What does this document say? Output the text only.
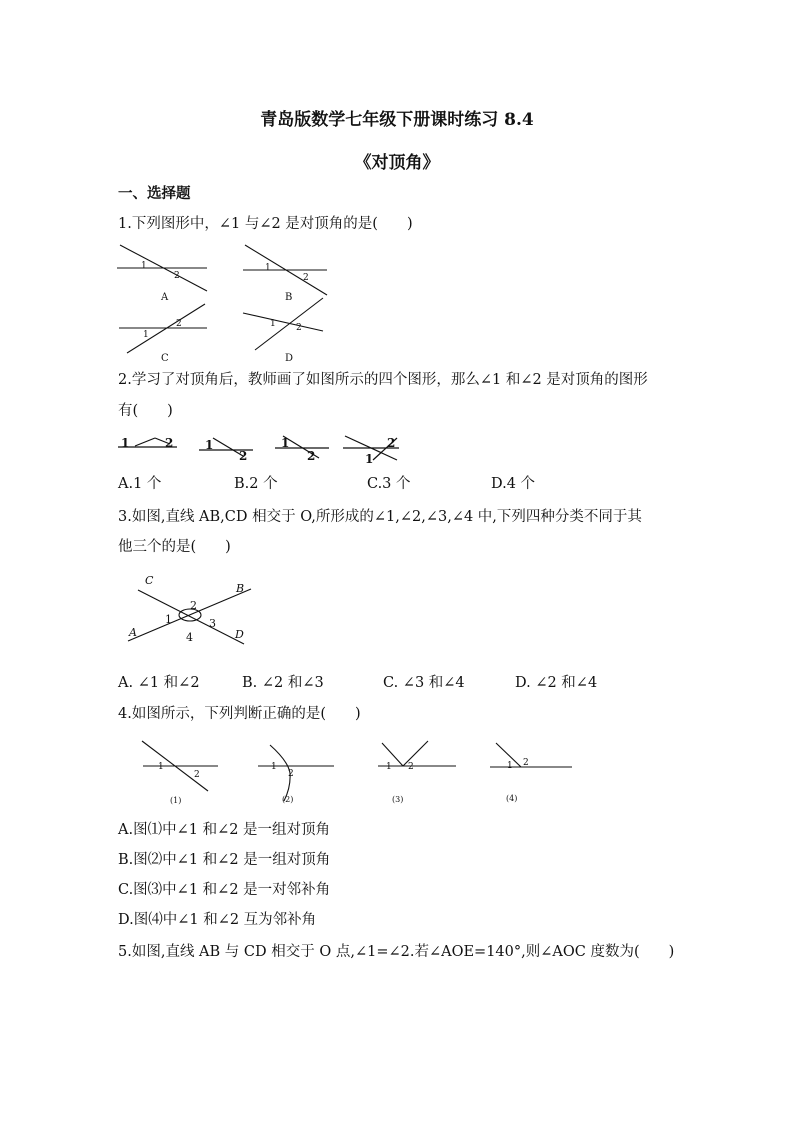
青岛版数学七年级下册课时练习 8.4
《对顶角》
一、选择题
1.下列图形中，∠1 与∠2 是对顶角的是(　　)
1
2
1
2
1
2	1 2
A	B
C	D
2.学习了对顶角后，教师画了如图所示的四个图形，那么∠1 和∠2 是对顶角的图形
有(　　)
1	2	1
2
1
2
2
1
A.1 个	B.2 个	C.3 个	D.4 个
3.如图,直线 AB,CD 相交于 O,所形成的∠1,∠2,∠3,∠4 中,下列四种分类不同于其
他三个的是(　　)
C
B
A	D
1
2
3
4
A. ∠1 和∠2	B. ∠2 和∠3	C. ∠3 和∠4	D. ∠2 和∠4
4.如图所示，下列判断正确的是(　　)
1
2
1
2
1 2	1 2
(1)	(2)	(3)	(4)
A.图⑴中∠1 和∠2 是一组对顶角
B.图⑵中∠1 和∠2 是一组对顶角
C.图⑶中∠1 和∠2 是一对邻补角
D.图⑷中∠1 和∠2 互为邻补角
5.如图,直线 AB 与 CD 相交于 O 点,∠1=∠2.若∠AOE=140°,则∠AOC 度数为(　　)
